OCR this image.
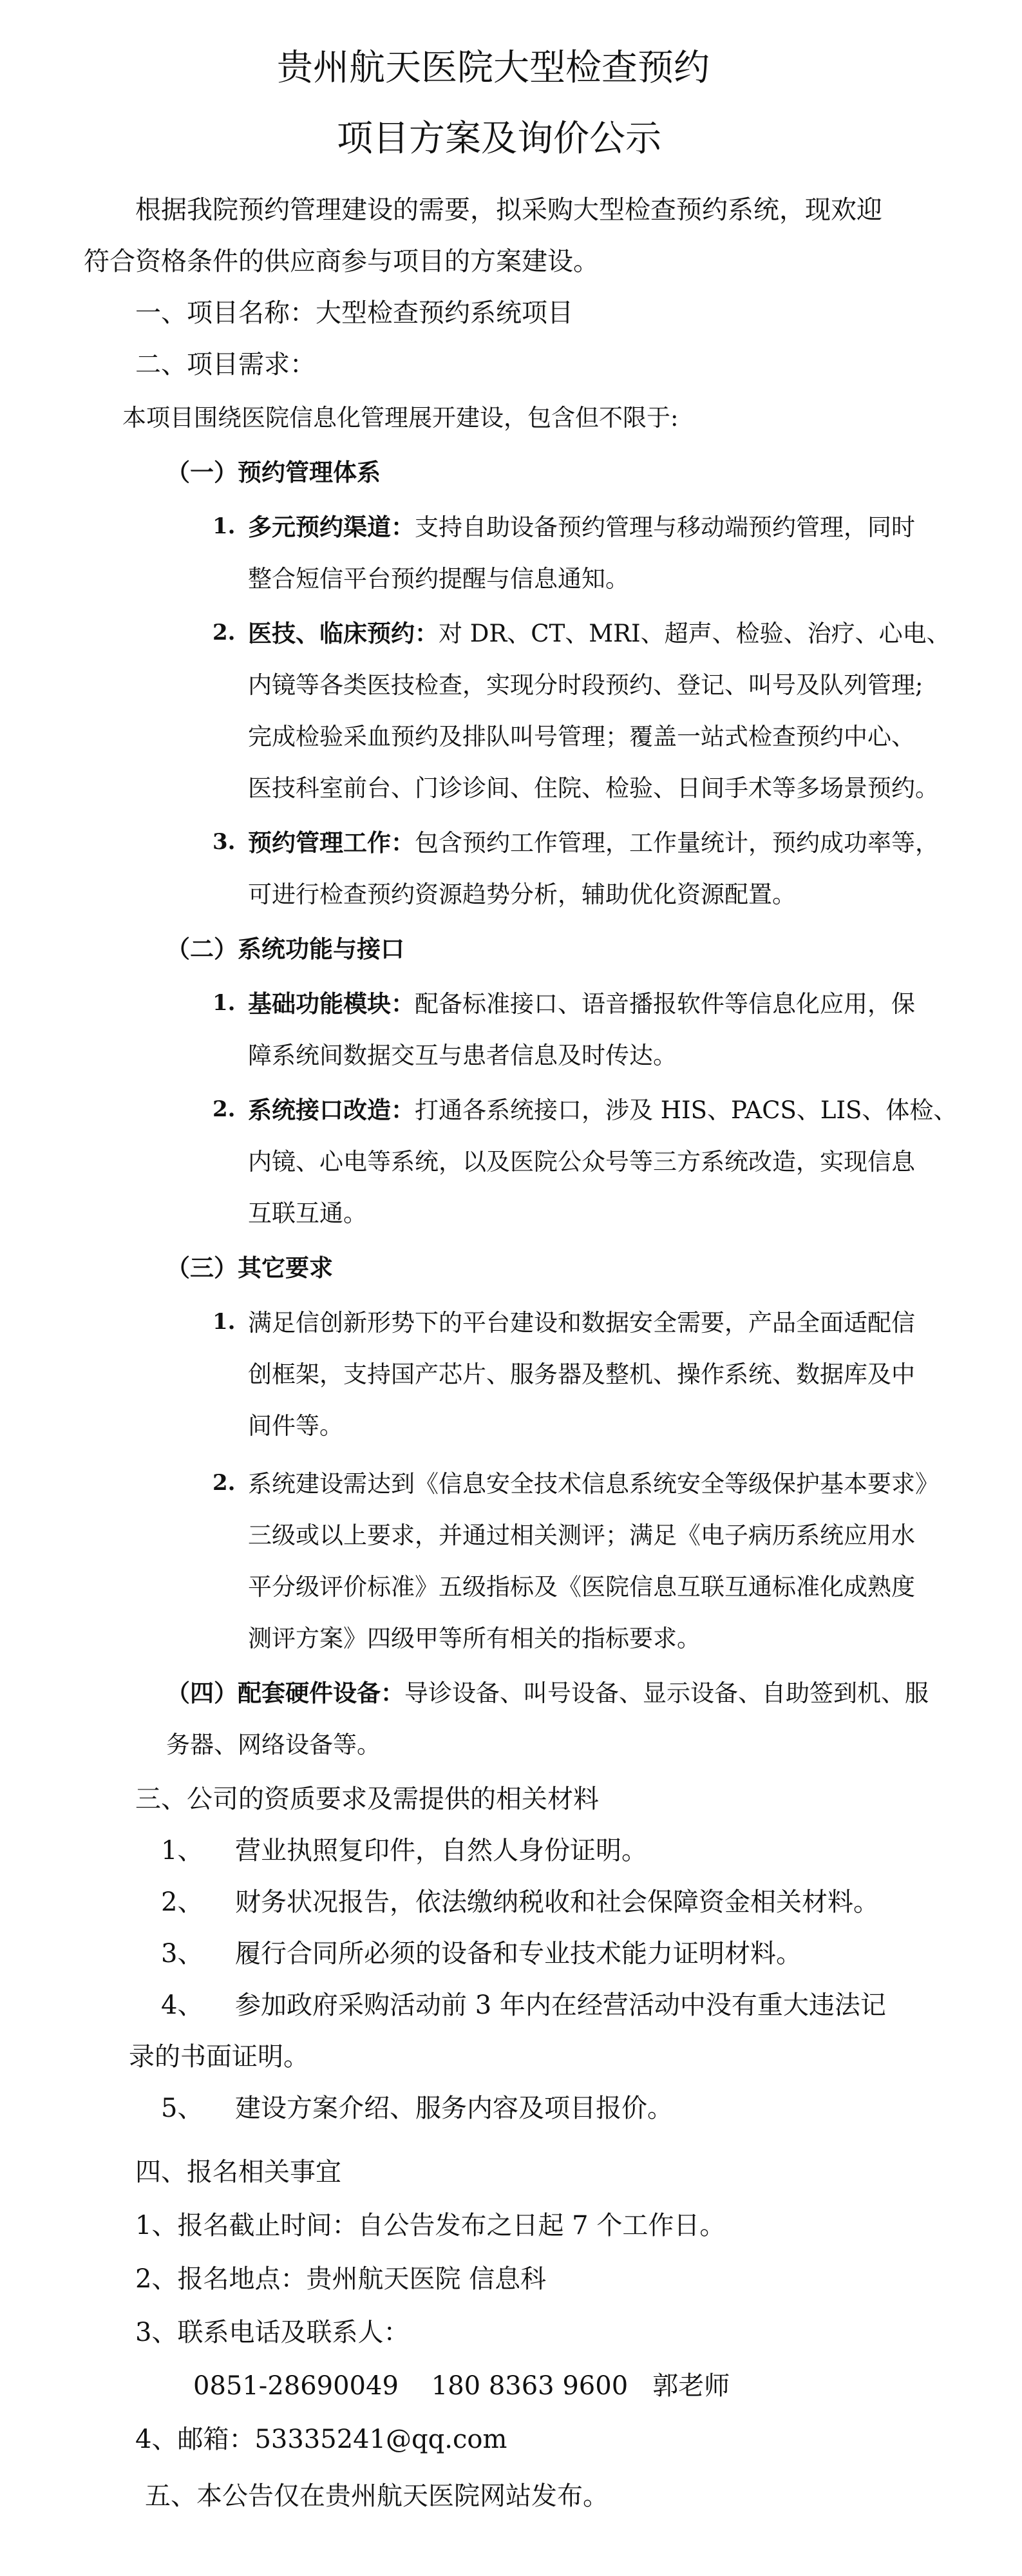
贵州航天医院大型检查预约
项目方案及询价公示
根据我院预约管理建设的需要，拟采购大型检查预约系统，现欢迎
符合资格条件的供应商参与项目的方案建设。
一、项目名称：大型检查预约系统项目
二、项目需求：
本项目围绕医院信息化管理展开建设，包含但不限于:
（一）预约管理体系
1. 多元预约渠道：支持自助设备预约管理与移动端预约管理，同时
整合短信平台预约提醒与信息通知。
2. 医技、临床预约：对 DR、CT、MRI、超声、检验、治疗、心电、
内镜等各类医技检查，实现分时段预约、登记、叫号及队列管理;
完成检验采血预约及排队叫号管理；覆盖一站式检查预约中心、
医技科室前台、门诊诊间、住院、检验、日间手术等多场景预约。
3. 预约管理工作：包含预约工作管理，工作量统计，预约成功率等，
可进行检查预约资源趋势分析，辅助优化资源配置。
（二）系统功能与接口
1. 基础功能模块：配备标准接口、语音播报软件等信息化应用，保
障系统间数据交互与患者信息及时传达。
2. 系统接口改造：打通各系统接口，涉及 HIS、PACS、LIS、体检、
内镜、心电等系统，以及医院公众号等三方系统改造，实现信息
互联互通。
（三）其它要求
1. 满足信创新形势下的平台建设和数据安全需要，产品全面适配信
创框架，支持国产芯片、服务器及整机、操作系统、数据库及中
间件等。
2. 系统建设需达到《信息安全技术信息系统安全等级保护基本要求》
三级或以上要求，并通过相关测评；满足《电子病历系统应用水
平分级评价标准》五级指标及《医院信息互联互通标准化成熟度
测评方案》四级甲等所有相关的指标要求。
（四）配套硬件设备：导诊设备、叫号设备、显示设备、自助签到机、服
务器、网络设备等。
三、公司的资质要求及需提供的相关材料
1、 营业执照复印件，自然人身份证明。
2、 财务状况报告，依法缴纳税收和社会保障资金相关材料。
3、 履行合同所必须的设备和专业技术能力证明材料。
4、 参加政府采购活动前 3 年内在经营活动中没有重大违法记
录的书面证明。
5、 建设方案介绍、服务内容及项目报价。
四、报名相关事宜
1、报名截止时间：自公告发布之日起 7 个工作日。
2、报名地点：贵州航天医院 信息科
3、联系电话及联系人：
0851-28690049    180 8363 9600   郭老师
4、邮箱：53335241@qq.com
五、本公告仅在贵州航天医院网站发布。
